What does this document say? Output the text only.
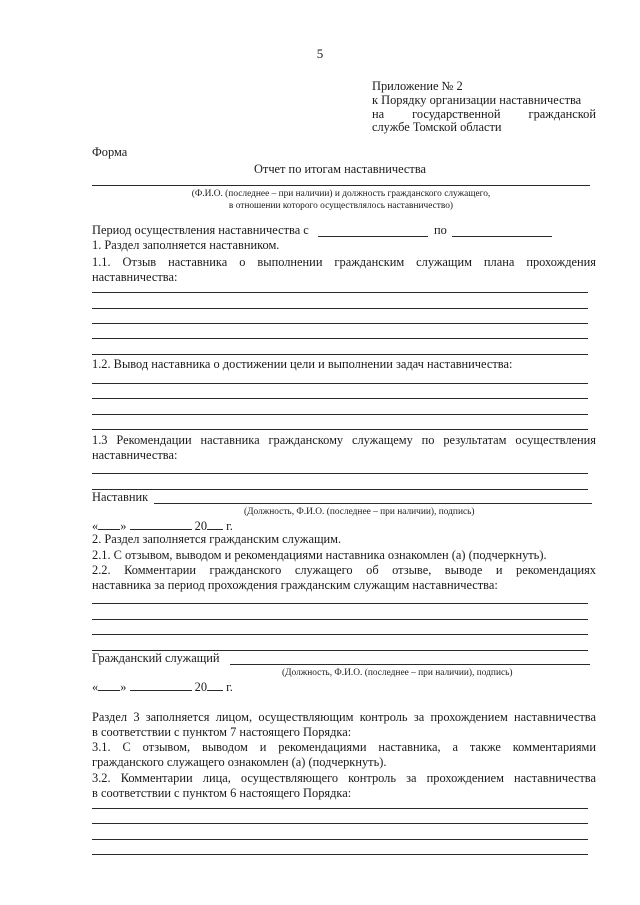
5
Приложение № 2
к Порядку организации наставничества
на государственной гражданской
службе Томской области
Форма
Отчет по итогам наставничества
(Ф.И.О. (последнее – при наличии) и должность гражданского служащего,
в отношении которого осуществлялось наставничество)
Период осуществления наставничества с	по
1. Раздел заполняется наставником.
1.1. Отзыв наставника о выполнении гражданским служащим плана прохождения
наставничества:
1.2. Вывод наставника о достижении цели и выполнении задач наставничества:
1.3 Рекомендации наставника гражданскому служащему по результатам осуществления
наставничества:
Наставник
(Должность, Ф.И.О. (последнее – при наличии), подпись)
« »	20 г.
2. Раздел заполняется гражданским служащим.
2.1. С отзывом, выводом и рекомендациями наставника ознакомлен (а) (подчеркнуть).
2.2. Комментарии гражданского служащего об отзыве, выводе и рекомендациях
наставника за период прохождения гражданским служащим наставничества:
Гражданский служащий
(Должность, Ф.И.О. (последнее – при наличии), подпись)
« »	20 г.
Раздел 3 заполняется лицом, осуществляющим контроль за прохождением наставничества
в соответствии с пунктом 7 настоящего Порядка:
3.1. С отзывом, выводом и рекомендациями наставника, а также комментариями
гражданского служащего ознакомлен (а) (подчеркнуть).
3.2. Комментарии лица, осуществляющего контроль за прохождением наставничества
в соответствии с пунктом 6 настоящего Порядка:
